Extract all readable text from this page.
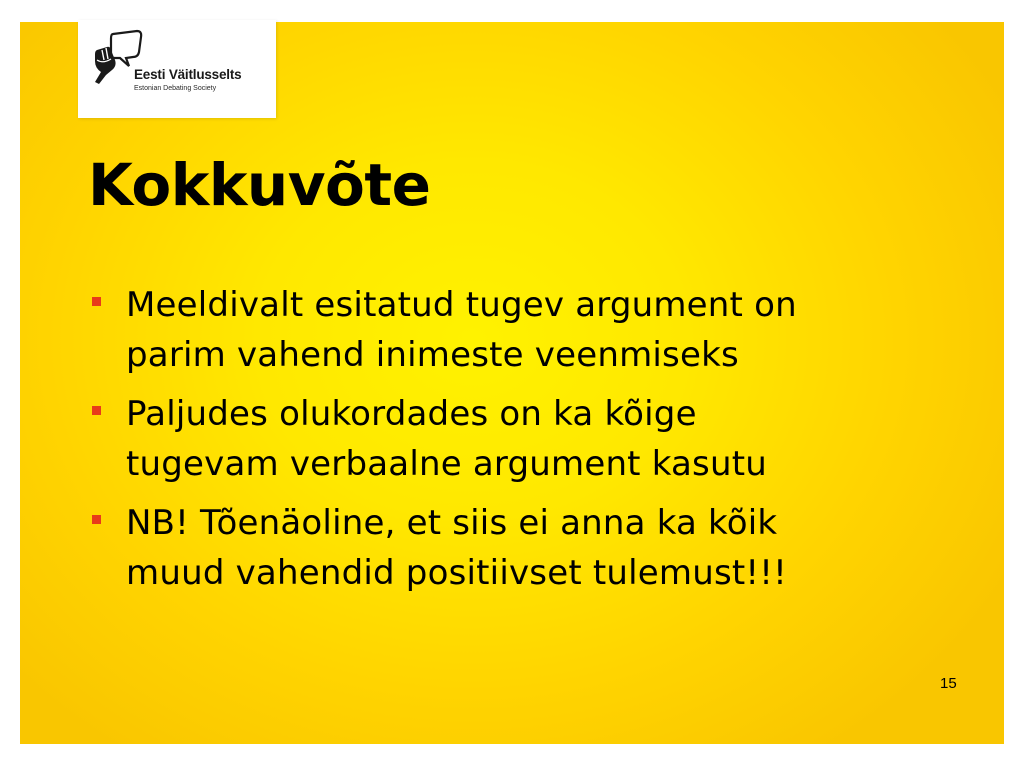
Eesti Väitlusselts
Estonian Debating Society
Kokkuvõte
Meeldivalt esitatud tugev argument on
parim vahend inimeste veenmiseks
Paljudes olukordades on ka kõige
tugevam verbaalne argument kasutu
NB! Tõenäoline, et siis ei anna ka kõik
muud vahendid positiivset tulemust!!!
15
